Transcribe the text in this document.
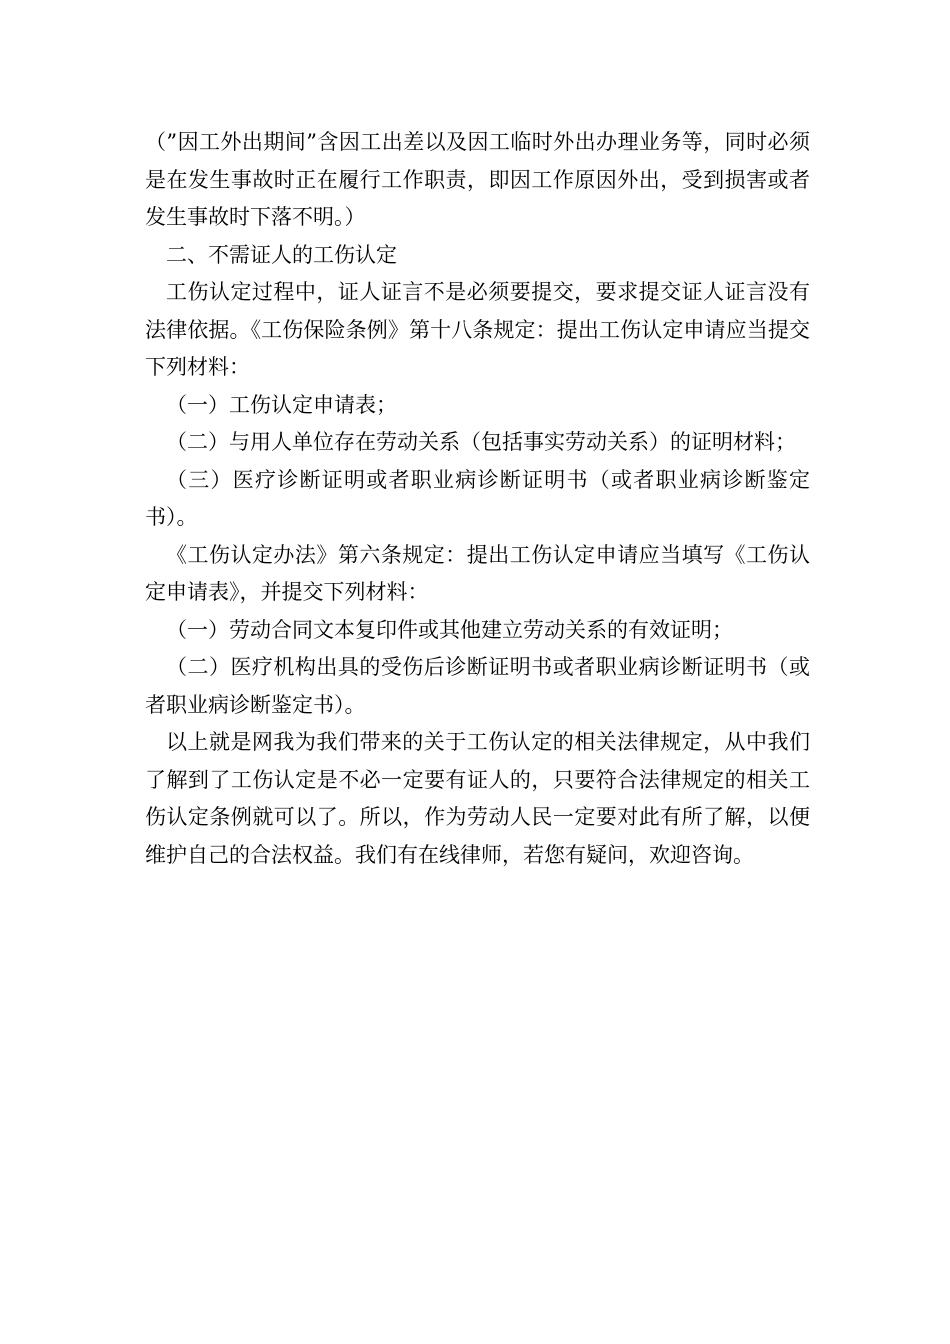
（”因工外出期间”含因工出差以及因工临时外出办理业务等，同时必须是在发生事故时正在履行工作职责，即因工作原因外出，受到损害或者发生事故时下落不明。）

二、不需证人的工伤认定

工伤认定过程中，证人证言不是必须要提交，要求提交证人证言没有法律依据。《工伤保险条例》第十八条规定：提出工伤认定申请应当提交下列材料：

（一）工伤认定申请表；

（二）与用人单位存在劳动关系（包括事实劳动关系）的证明材料；

（三）医疗诊断证明或者职业病诊断证明书（或者职业病诊断鉴定书）。

《工伤认定办法》第六条规定：提出工伤认定申请应当填写《工伤认定申请表》，并提交下列材料：

（一）劳动合同文本复印件或其他建立劳动关系的有效证明；

（二）医疗机构出具的受伤后诊断证明书或者职业病诊断证明书（或者职业病诊断鉴定书）。

以上就是网我为我们带来的关于工伤认定的相关法律规定，从中我们了解到了工伤认定是不必一定要有证人的，只要符合法律规定的相关工伤认定条例就可以了。所以，作为劳动人民一定要对此有所了解，以便维护自己的合法权益。我们有在线律师，若您有疑问，欢迎咨询。
